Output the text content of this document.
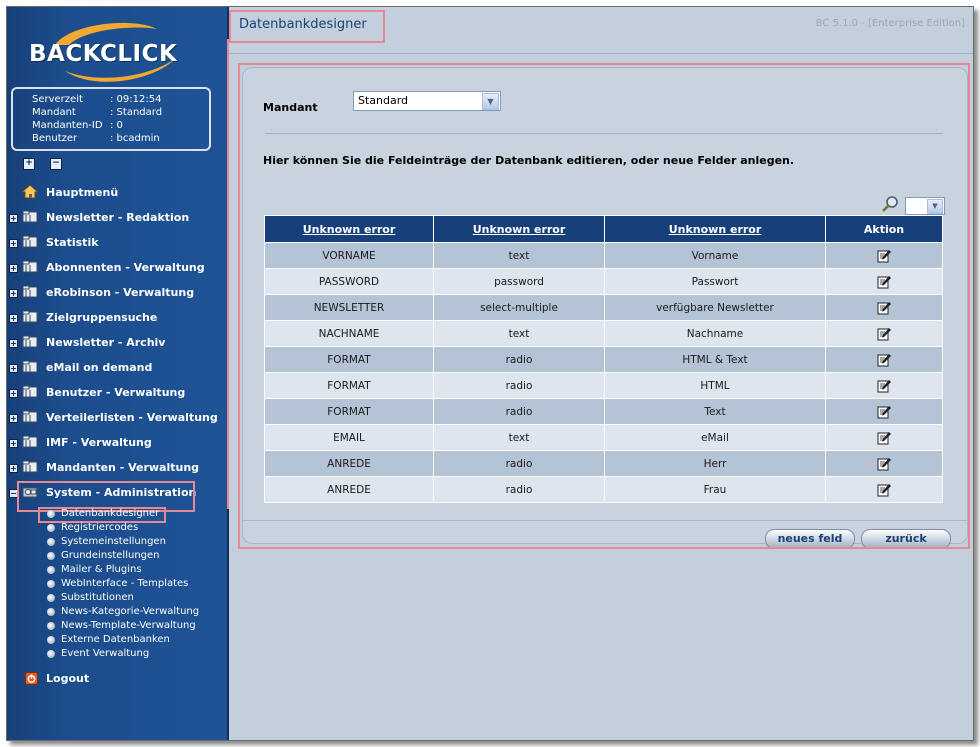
BACKCLICK
Serverzeit	: 09:12:54
Mandant	: Standard
Mandanten-ID : 0
Benutzer	: bcadmin
+ −
Hauptmenü
+	Newsletter - Redaktion
+	Statistik
+	Abonnenten - Verwaltung
+	eRobinson - Verwaltung
+	Zielgruppensuche
+	Newsletter - Archiv
+	eMail on demand
+	Benutzer - Verwaltung
+	Verteilerlisten - Verwaltung
+	IMF - Verwaltung
+	Mandanten - Verwaltung
−	System - Administration
Datenbankdesigner
Registriercodes
Systemeinstellungen
Grundeinstellungen
Mailer & Plugins
WebInterface - Templates
Substitutionen
News-Kategorie-Verwaltung
News-Template-Verwaltung
Externe Datenbanken
Event Verwaltung
Logout
Datenbankdesigner	BC 5.1.0 - [Enterprise Edition]
Mandant
Standard	▼
Hier können Sie die Feldeinträge der Datenbank editieren, oder neue Felder anlegen.
▼
Unknown error	Unknown error	Unknown error	Aktion
VORNAME	text	Vorname	
PASSWORD	password	Passwort	
NEWSLETTER	select-multiple	verfügbare Newsletter	
NACHNAME	text	Nachname	
FORMAT	radio	HTML & Text	
FORMAT	radio	HTML	
FORMAT	radio	Text	
EMAIL	text	eMail	
ANREDE	radio	Herr	
ANREDE	radio	Frau	
neues feld	zurück
